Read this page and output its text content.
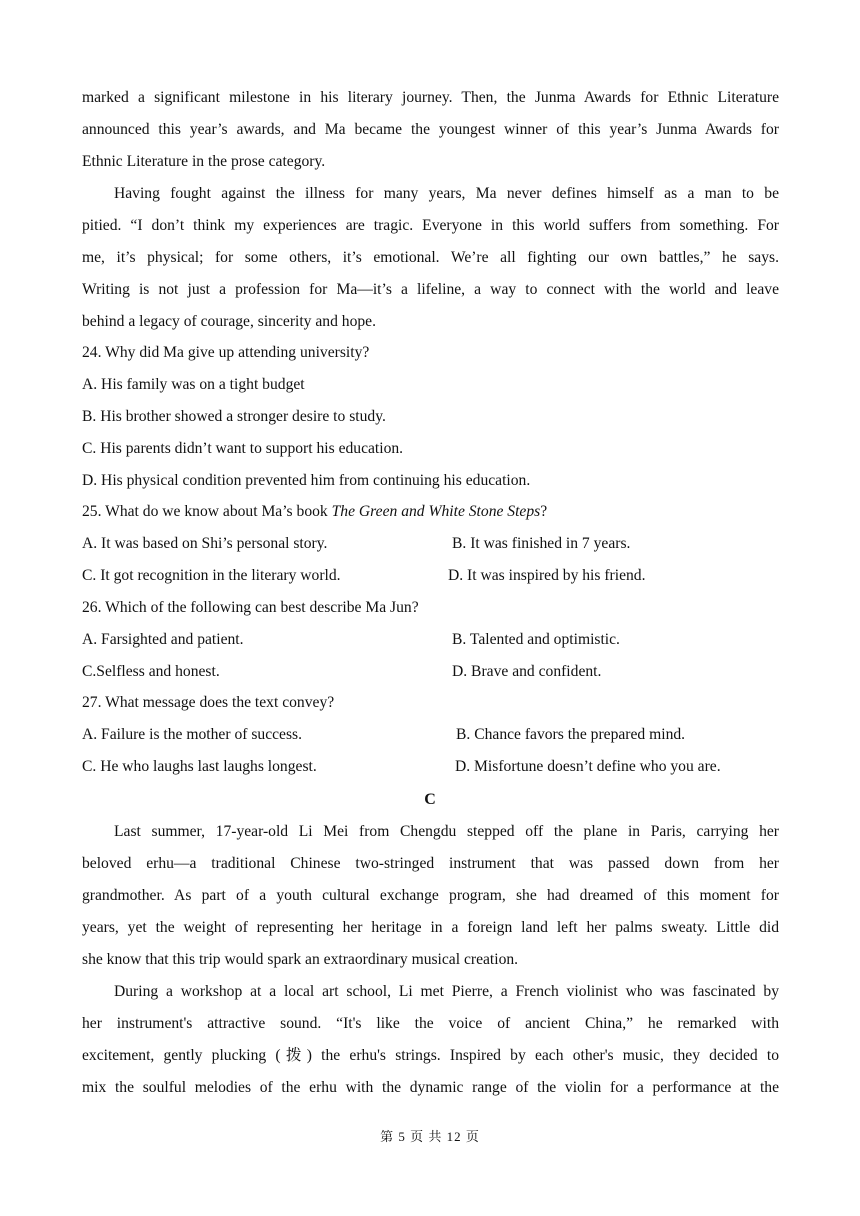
marked a significant milestone in his literary journey. Then, the Junma Awards for Ethnic Literature
announced this year’s awards, and Ma became the youngest winner of this year’s Junma Awards for
Ethnic Literature in the prose category.
Having fought against the illness for many years, Ma never defines himself as a man to be
pitied. “I don’t think my experiences are tragic. Everyone in this world suffers from something. For
me, it’s physical; for some others, it’s emotional. We’re all fighting our own battles,” he says.
Writing is not just a profession for Ma—it’s a lifeline, a way to connect with the world and leave
behind a legacy of courage, sincerity and hope.
24. Why did Ma give up attending university?
A. His family was on a tight budget
B. His brother showed a stronger desire to study.
C. His parents didn’t want to support his education.
D. His physical condition prevented him from continuing his education.
25. What do we know about Ma’s book The Green and White Stone Steps?
A. It was based on Shi’s personal story.	B. It was finished in 7 years.
C. It got recognition in the literary world.	D. It was inspired by his friend.
26. Which of the following can best describe Ma Jun?
A. Farsighted and patient.	B. Talented and optimistic.
C.Selfless and honest.	D. Brave and confident.
27. What message does the text convey?
A. Failure is the mother of success.	B. Chance favors the prepared mind.
C. He who laughs last laughs longest.	D. Misfortune doesn’t define who you are.
C
Last summer, 17-year-old Li Mei from Chengdu stepped off the plane in Paris, carrying her
beloved erhu—a traditional Chinese two-stringed instrument that was passed down from her
grandmother. As part of a youth cultural exchange program, she had dreamed of this moment for
years, yet the weight of representing her heritage in a foreign land left her palms sweaty. Little did
she know that this trip would spark an extraordinary musical creation.
During a workshop at a local art school, Li met Pierre, a French violinist who was fascinated by
her instrument's attractive sound. “It's like the voice of ancient China,” he remarked with
excitement, gently plucking (拨) the erhu's strings. Inspired by each other's music, they decided to
mix the soulful melodies of the erhu with the dynamic range of the violin for a performance at the
第 5 页 共 12 页
